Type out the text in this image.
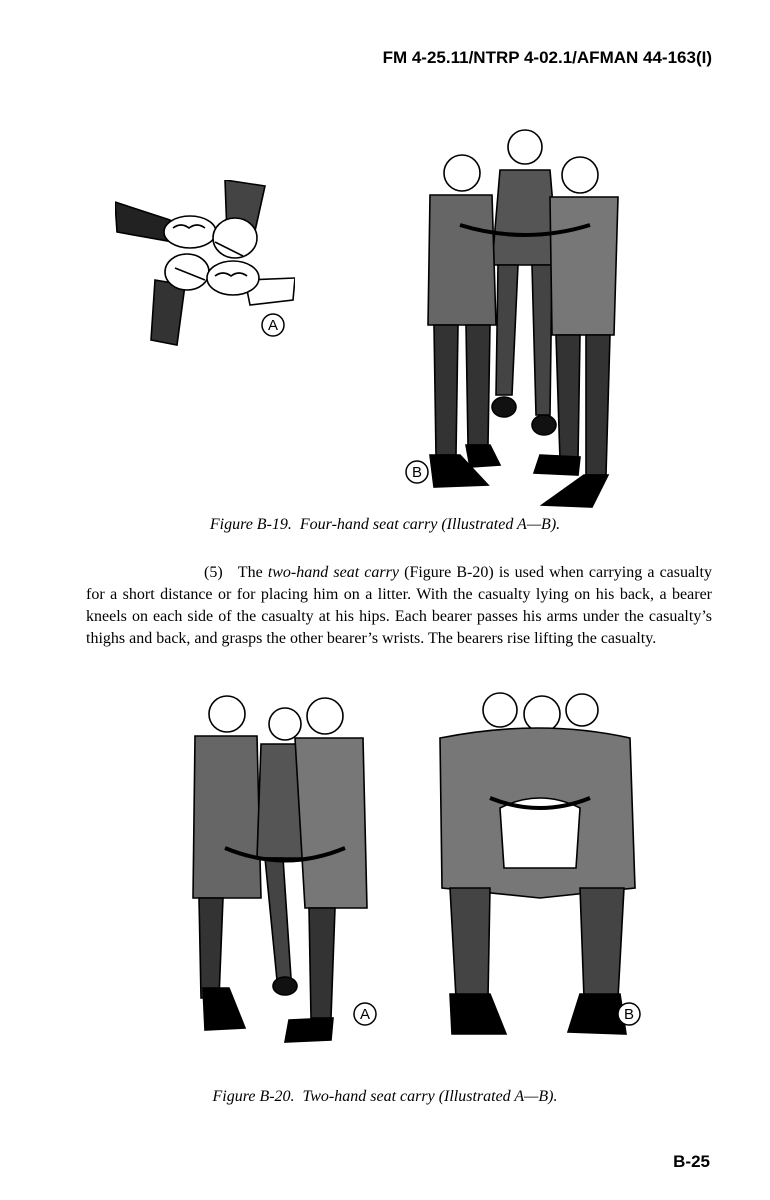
FM 4-25.11/NTRP 4-02.1/AFMAN 44-163(I)
A
B
Figure B-19. Four-hand seat carry (Illustrated A—B).
(5) The two-hand seat carry (Figure B-20) is used when carrying a casualty for a short distance or for placing him on a litter. With the casualty lying on his back, a bearer kneels on each side of the casualty at his hips. Each bearer passes his arms under the casualty’s thighs and back, and grasps the other bearer’s wrists. The bearers rise lifting the casualty.
A	B
Figure B-20. Two-hand seat carry (Illustrated A—B).
B-25
